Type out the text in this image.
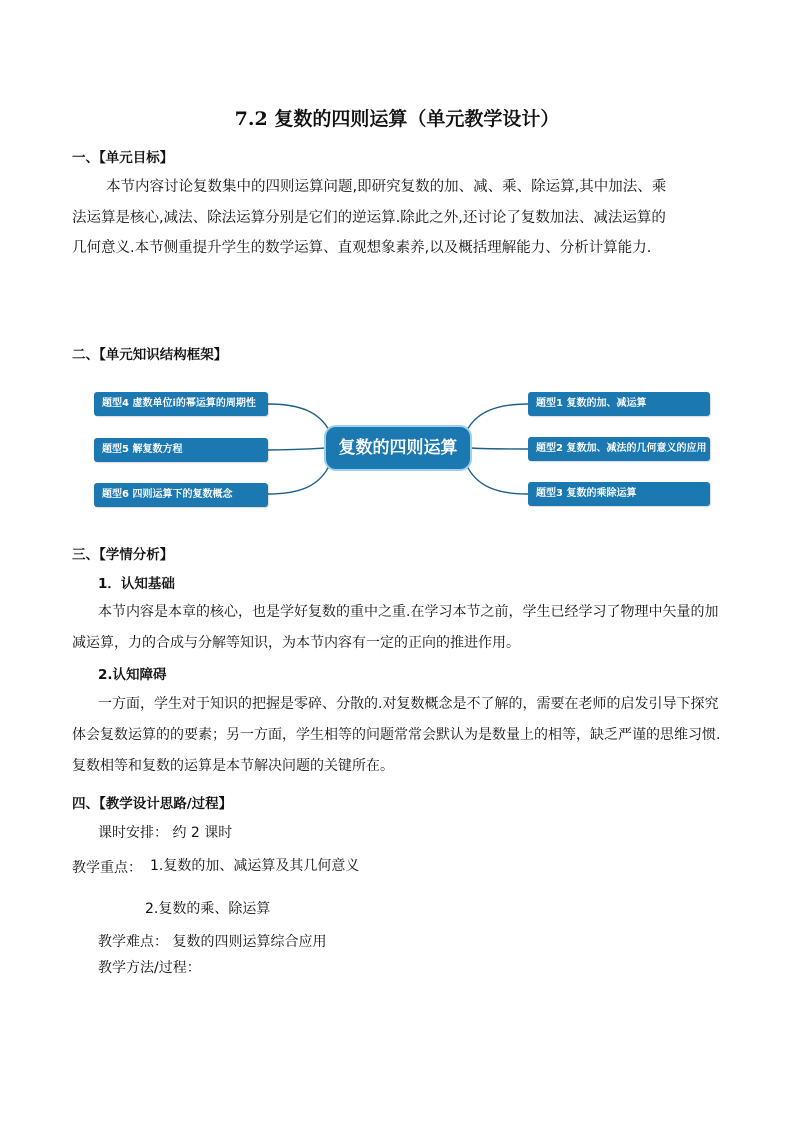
7.2 复数的四则运算（单元教学设计）
一、【单元目标】
本节内容讨论复数集中的四则运算问题,即研究复数的加、减、乘、除运算,其中加法、乘
法运算是核心,减法、除法运算分别是它们的逆运算.除此之外,还讨论了复数加法、减法运算的
几何意义.本节侧重提升学生的数学运算、直观想象素养,以及概括理解能力、分析计算能力.
二、【单元知识结构框架】
题型4 虚数单位i的幂运算的周期性
题型5 解复数方程
题型6 四则运算下的复数概念
复数的四则运算
题型1 复数的加、减运算
题型2 复数加、减法的几何意义的应用
题型3 复数的乘除运算
三、【学情分析】
1．认知基础
本节内容是本章的核心，也是学好复数的重中之重.在学习本节之前，学生已经学习了物理中矢量的加
减运算，力的合成与分解等知识，为本节内容有一定的正向的推进作用。
2.认知障碍
一方面，学生对于知识的把握是零碎、分散的.对复数概念是不了解的，需要在老师的启发引导下探究
体会复数运算的的要素；另一方面，学生相等的问题常常会默认为是数量上的相等，缺乏严谨的思维习惯.
复数相等和复数的运算是本节解决问题的关键所在。
四、【教学设计思路/过程】
课时安排： 约 2 课时
教学重点： 1.复数的加、减运算及其几何意义
2.复数的乘、除运算
教学难点： 复数的四则运算综合应用
教学方法/过程：
